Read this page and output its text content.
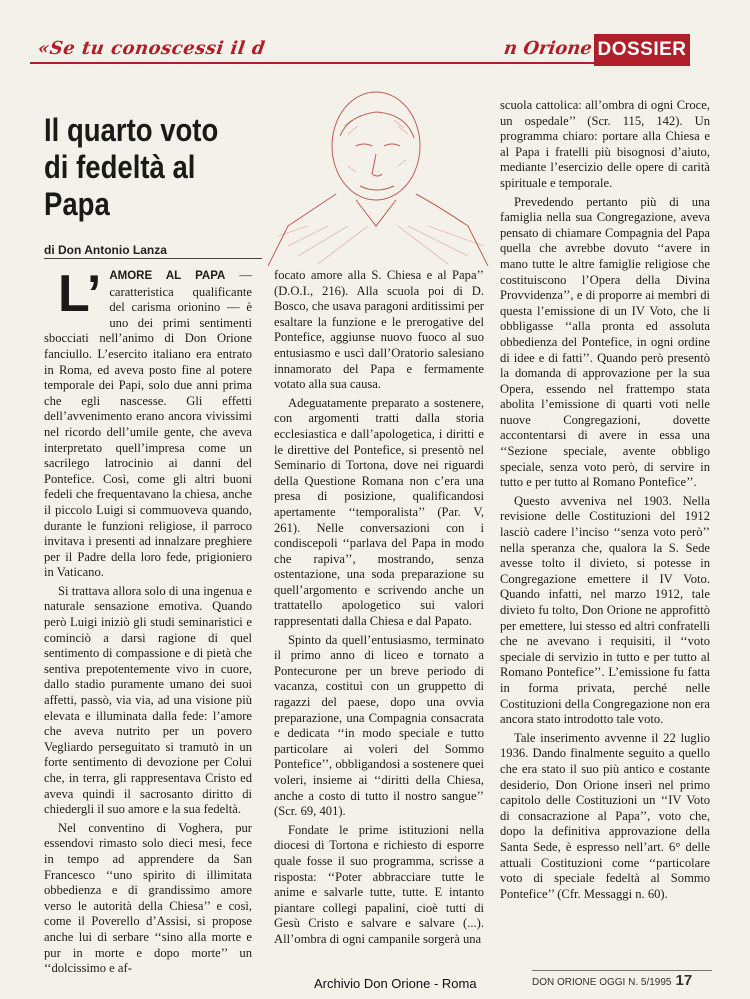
«Se tu conoscessi il d	n Orione DOSSIER
Il quarto voto di fedeltà al Papa
di Don Antonio Lanza

L’ AMORE AL PAPA — caratteristica qualificante del carisma orionino — è uno dei primi sentimenti sbocciati nell’animo di Don Orione fanciullo. L’esercito italiano era entrato in Roma, ed aveva posto fine al potere temporale dei Papi, solo due anni prima che egli nascesse. Gli effetti dell’avvenimento erano ancora vivissimi nel ricordo dell’umile gente, che aveva interpretato quell’impresa come un sacrilego latrocinio ai danni del Pontefice. Così, come gli altri buoni fedeli che frequentavano la chiesa, anche il piccolo Luigi si commuoveva quando, durante le funzioni religiose, il parroco invitava i presenti ad innalzare preghiere per il Padre della loro fede, prigioniero in Vaticano.

Si trattava allora solo di una ingenua e naturale sensazione emotiva. Quando però Luigi iniziò gli studi seminaristici e cominciò a darsi ragione di quel sentimento di compassione e di pietà che sentiva prepotentemente vivo in cuore, dallo stadio puramente umano dei suoi affetti, passò, via via, ad una visione più elevata e illuminata dalla fede: l’amore che aveva nutrito per un povero Vegliardo perseguitato si tramutò in un forte sentimento di devozione per Colui che, in terra, gli rappresentava Cristo ed aveva quindi il sacrosanto diritto di chiedergli il suo amore e la sua fedeltà.

Nel conventino di Voghera, pur essendovi rimasto solo dieci mesi, fece in tempo ad apprendere da San Francesco ‘‘uno spirito di illimitata obbedienza e di grandissimo amore verso le autorità della Chiesa’’ e così, come il Poverello d’Assisi, si propose anche lui di serbare ‘‘sino alla morte e pur in morte e dopo morte’’ un ‘‘dolcissimo e af-

focato amore alla S. Chiesa e al Papa’’ (D.O.I., 216). Alla scuola poi di D. Bosco, che usava paragoni arditissimi per esaltare la funzione e le prerogative del Pontefice, aggiunse nuovo fuoco al suo entusiasmo e uscì dall’Oratorio salesiano innamorato del Papa e fermamente votato alla sua causa.

Adeguatamente preparato a sostenere, con argomenti tratti dalla storia ecclesiastica e dall’apologetica, i diritti e le direttive del Pontefice, si presentò nel Seminario di Tortona, dove nei riguardi della Questione Romana non c’era una presa di posizione, qualificandosi apertamente ‘‘temporalista’’ (Par. V, 261). Nelle conversazioni con i condiscepoli ‘‘parlava del Papa in modo che rapiva’’, mostrando, senza ostentazione, una soda preparazione su quell’argomento e scrivendo anche un trattatello apologetico sui valori rappresentati dalla Chiesa e dal Papato.

Spinto da quell’entusiasmo, terminato il primo anno di liceo e tornato a Pontecurone per un breve periodo di vacanza, costituì con un gruppetto di ragazzi del paese, dopo una ovvia preparazione, una Compagnia consacrata e dedicata ‘‘in modo speciale e tutto particolare ai voleri del Sommo Pontefice’’, obbligandosi a sostenere quei voleri, insieme ai ‘‘diritti della Chiesa, anche a costo di tutto il nostro sangue’’ (Scr. 69, 401).

Fondate le prime istituzioni nella diocesi di Tortona e richiesto di esporre quale fosse il suo programma, scrisse a risposta: ‘‘Poter abbracciare tutte le anime e salvarle tutte, tutte. E intanto piantare collegi papalini, cioè tutti di Gesù Cristo e salvare e salvare (...). All’ombra di ogni campanile sorgerà una

scuola cattolica: all’ombra di ogni Croce, un ospedale’’ (Scr. 115, 142). Un programma chiaro: portare alla Chiesa e al Papa i fratelli più bisognosi d’aiuto, mediante l’esercizio delle opere di carità spirituale e temporale.

Prevedendo pertanto più di una famiglia nella sua Congregazione, aveva pensato di chiamare Compagnia del Papa quella che avrebbe dovuto ‘‘avere in mano tutte le altre famiglie religiose che costituiscono l’Opera della Divina Provvidenza’’, e di proporre ai membri di questa l’emissione di un IV Voto, che li obbligasse ‘‘alla pronta ed assoluta obbedienza del Pontefice, in ogni ordine di idee e di fatti’’. Quando però presentò la domanda di approvazione per la sua Opera, essendo nel frattempo stata abolita l’emissione di quarti voti nelle nuove Congregazioni, dovette accontentarsi di avere in essa una ‘‘Sezione speciale, avente obbligo speciale, senza voto però, di servire in tutto e per tutto al Romano Pontefice’’.

Questo avveniva nel 1903. Nella revisione delle Costituzioni del 1912 lasciò cadere l’inciso ‘‘senza voto però’’ nella speranza che, qualora la S. Sede avesse tolto il divieto, si potesse in Congregazione emettere il IV Voto. Quando infatti, nel marzo 1912, tale divieto fu tolto, Don Orione ne approfittò per emettere, lui stesso ed altri confratelli che ne avevano i requisiti, il ‘‘voto speciale di servizio in tutto e per tutto al Romano Pontefice’’. L’emissione fu fatta in forma privata, perché nelle Costituzioni della Congregazione non era ancora stato introdotto tale voto.

Tale inserimento avvenne il 22 luglio 1936. Dando finalmente seguito a quello che era stato il suo più antico e costante desiderio, Don Orione inserì nel primo capitolo delle Costituzioni un ‘‘IV Voto di consacrazione al Papa’’, voto che, dopo la definitiva approvazione della Santa Sede, è espresso nell’art. 6° delle attuali Costituzioni come ‘‘particolare voto di speciale fedeltà al Sommo Pontefice’’ (Cfr. Messaggi n. 60).

Archivio Don Orione - Roma	DON ORIONE OGGI N. 5/1995 17
